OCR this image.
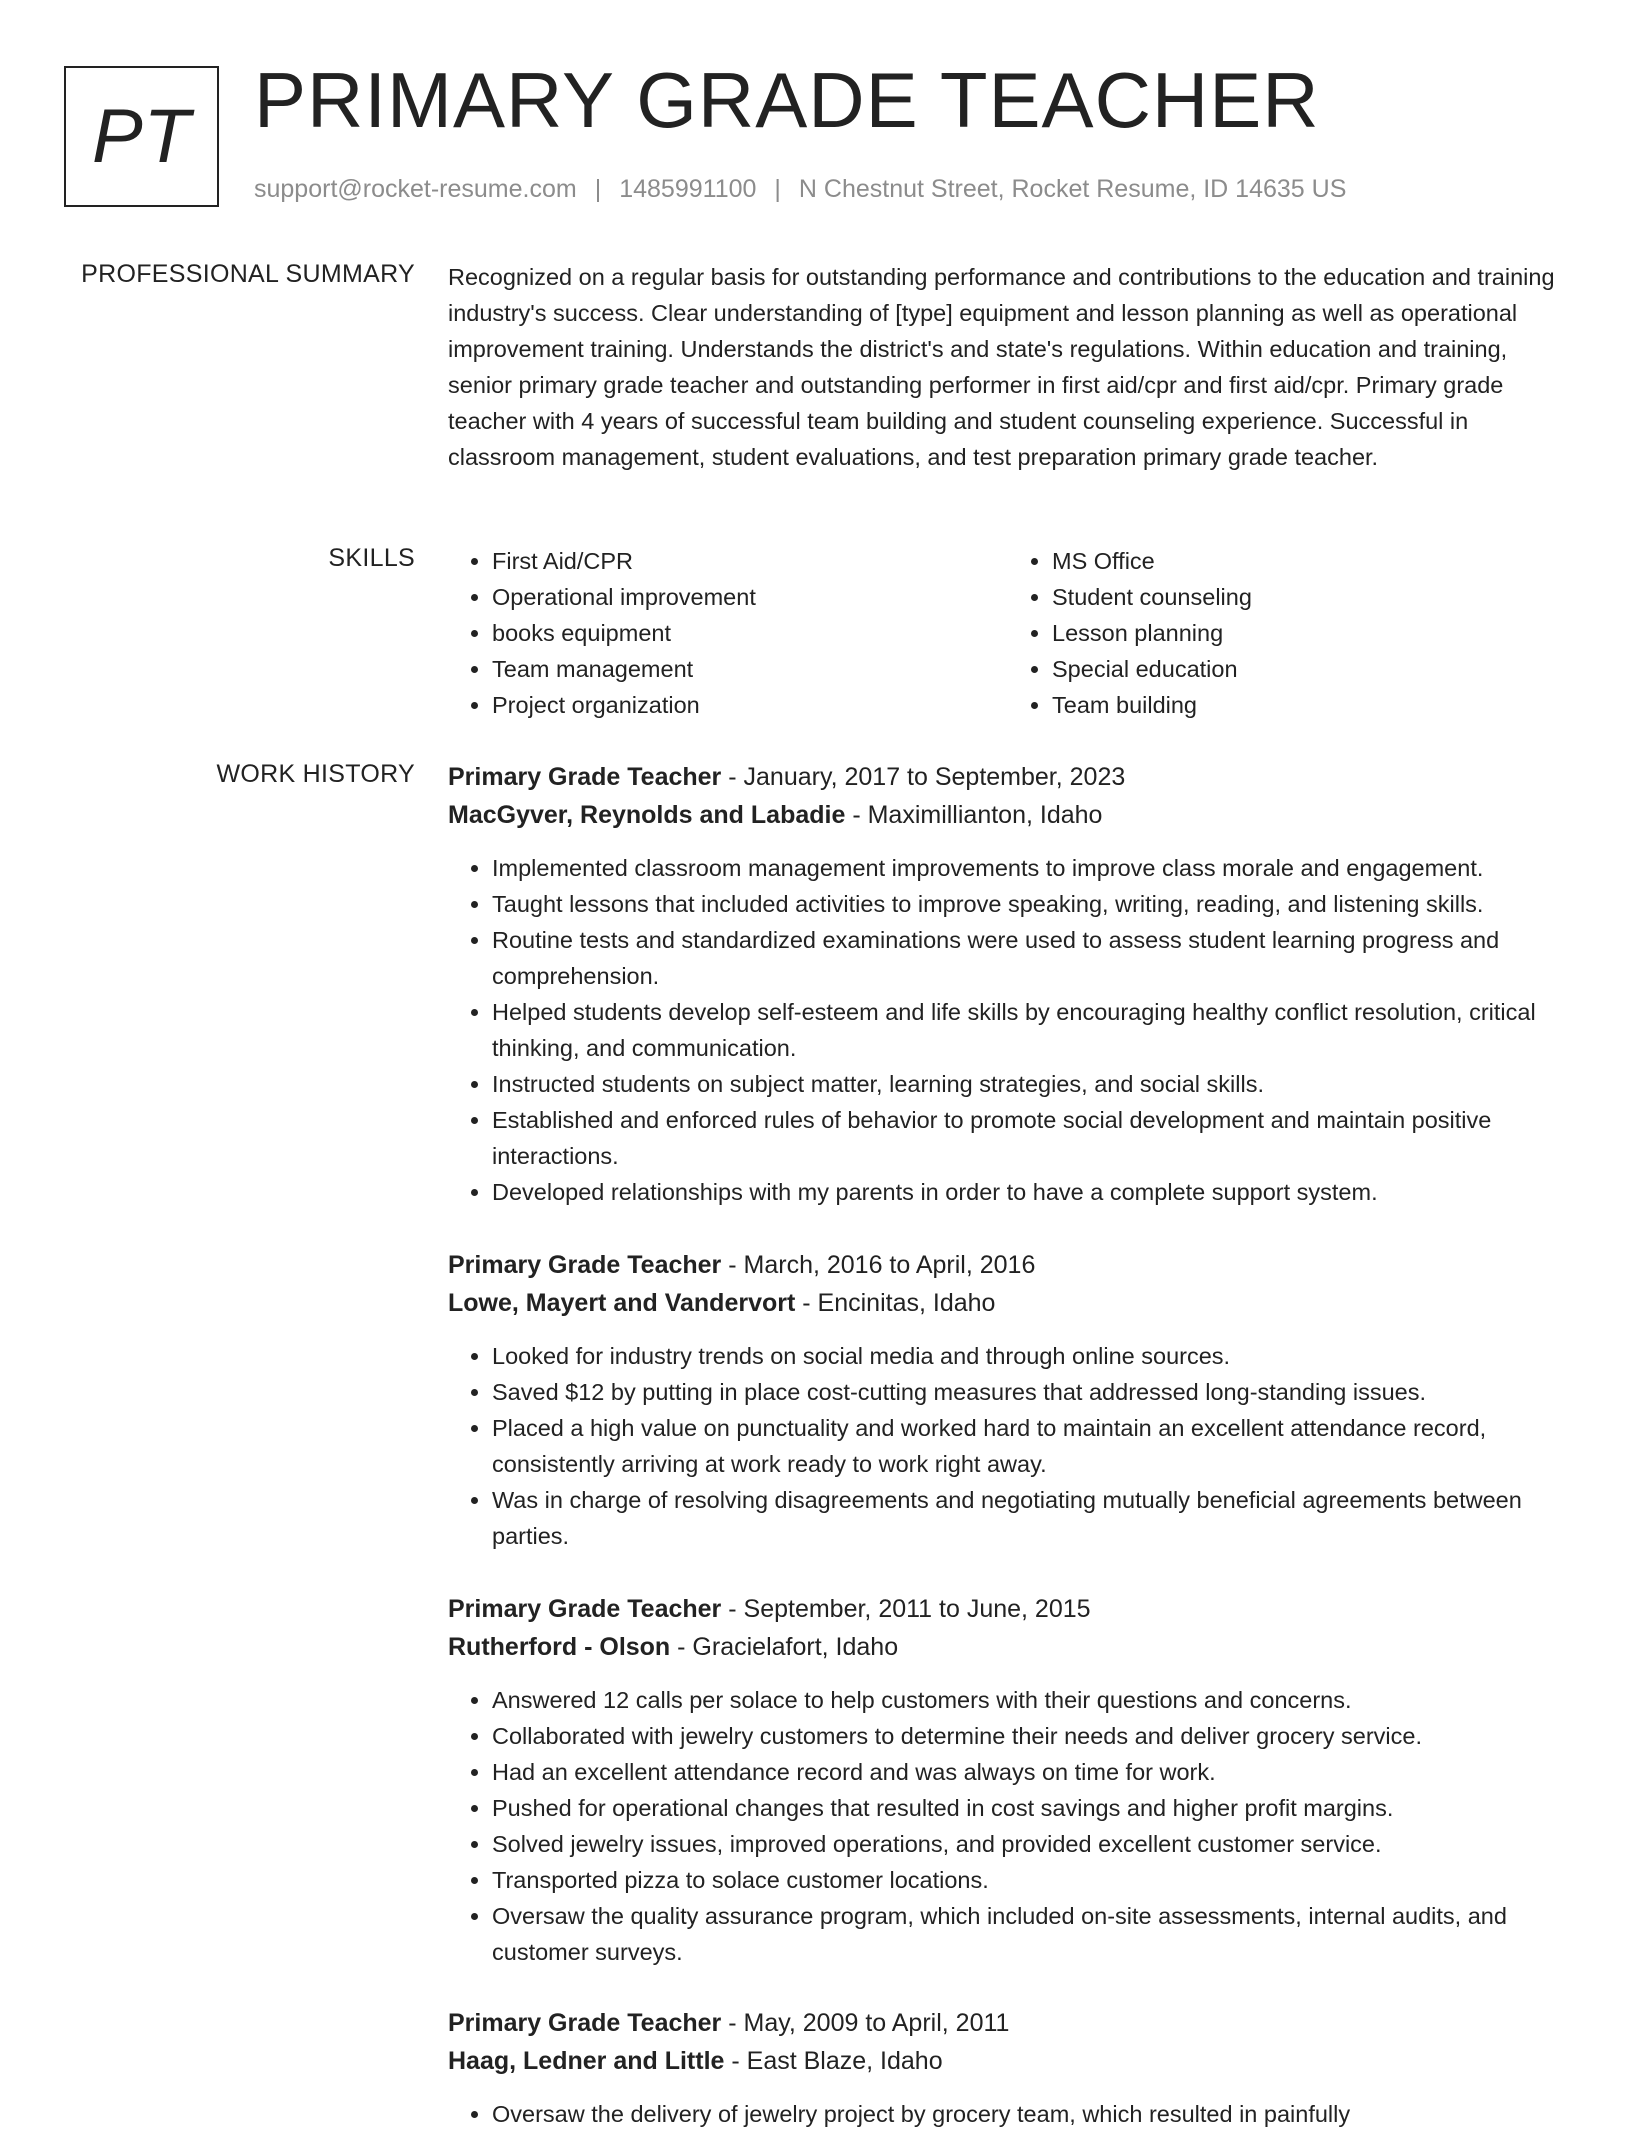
PT PRIMARY GRADE TEACHER
support@rocket-resume.com | 1485991100 | N Chestnut Street, Rocket Resume, ID 14635 US
PROFESSIONAL SUMMARY Recognized on a regular basis for outstanding performance and contributions to the education and training industry's success. Clear understanding of [type] equipment and lesson planning as well as operational improvement training. Understands the district's and state's regulations. Within education and training, senior primary grade teacher and outstanding performer in first aid/cpr and first aid/cpr. Primary grade teacher with 4 years of successful team building and student counseling experience. Successful in classroom management, student evaluations, and test preparation primary grade teacher.

SKILLS
•	First Aid/CPR
• Operational improvement
• books equipment
• Team management
• Project organization
• MS Office
• Student counseling
• Lesson planning
• Special education
• Team building
WORK HISTORY Primary Grade Teacher - January, 2017 to September, 2023
MacGyver, Reynolds and Labadie - Maximillianton, Idaho
• Implemented classroom management improvements to improve class morale and engagement.
• Taught lessons that included activities to improve speaking, writing, reading, and listening skills.
• Routine tests and standardized examinations were used to assess student learning progress and comprehension.
• Helped students develop self-esteem and life skills by encouraging healthy conflict resolution, critical thinking, and communication.
• Instructed students on subject matter, learning strategies, and social skills.
• Established and enforced rules of behavior to promote social development and maintain positive interactions.
• Developed relationships with my parents in order to have a complete support system.
Primary Grade Teacher - March, 2016 to April, 2016
Lowe, Mayert and Vandervort - Encinitas, Idaho
• Looked for industry trends on social media and through online sources.
• Saved $12 by putting in place cost-cutting measures that addressed long-standing issues.
• Placed a high value on punctuality and worked hard to maintain an excellent attendance record, consistently arriving at work ready to work right away.
• Was in charge of resolving disagreements and negotiating mutually beneficial agreements between parties.
Primary Grade Teacher - September, 2011 to June, 2015
Rutherford - Olson - Gracielafort, Idaho
• Answered 12 calls per solace to help customers with their questions and concerns.
• Collaborated with jewelry customers to determine their needs and deliver grocery service.
• Had an excellent attendance record and was always on time for work.
• Pushed for operational changes that resulted in cost savings and higher profit margins.
• Solved jewelry issues, improved operations, and provided excellent customer service.
• Transported pizza to solace customer locations.
• Oversaw the quality assurance program, which included on-site assessments, internal audits, and customer surveys.
Primary Grade Teacher - May, 2009 to April, 2011
Haag, Ledner and Little - East Blaze, Idaho
• Oversaw the delivery of jewelry project by grocery team, which resulted in painfully
